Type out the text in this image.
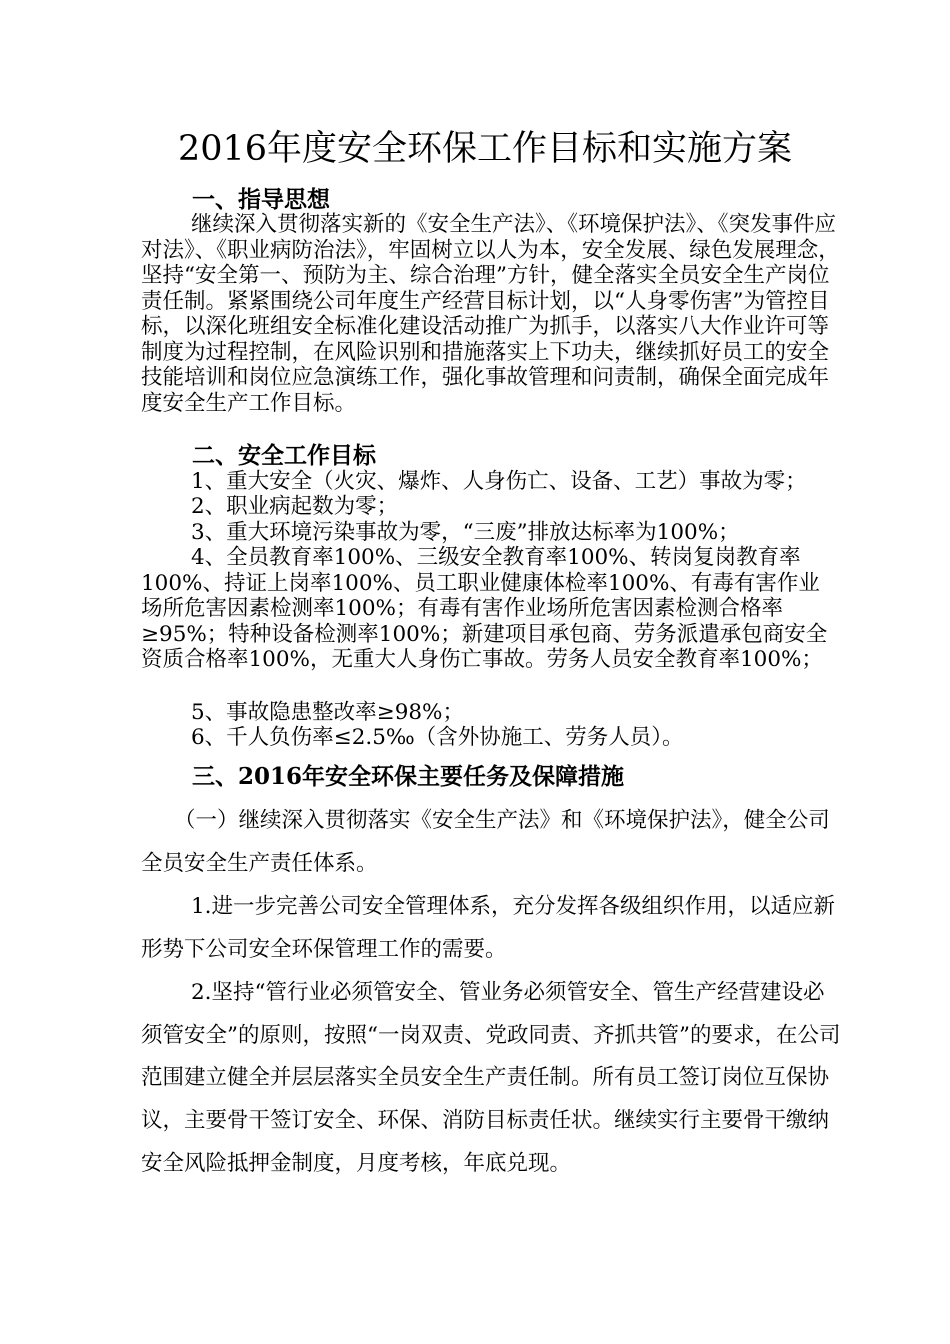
2016年度安全环保工作目标和实施方案
一、指导思想

继续深入贯彻落实新的《安全生产法》、《环境保护法》、《突发事件应对法》、《职业病防治法》，牢固树立以人为本，安全发展、绿色发展理念，坚持“安全第一、预防为主、综合治理”方针，健全落实全员安全生产岗位责任制。紧紧围绕公司年度生产经营目标计划，以“人身零伤害”为管控目标，以深化班组安全标准化建设活动推广为抓手，以落实八大作业许可等制度为过程控制，在风险识别和措施落实上下功夫，继续抓好员工的安全技能培训和岗位应急演练工作，强化事故管理和问责制，确保全面完成年度安全生产工作目标。

二、安全工作目标
1、重大安全（火灾、爆炸、人身伤亡、设备、工艺）事故为零；
2、职业病起数为零；
3、重大环境污染事故为零，“三废”排放达标率为100%；

4、全员教育率100%、三级安全教育率100%、转岗复岗教育率100%、持证上岗率100%、员工职业健康体检率100%、有毒有害作业场所危害因素检测率100%；有毒有害作业场所危害因素检测合格率≥95%；特种设备检测率100%；新建项目承包商、劳务派遣承包商安全资质合格率100%，无重大人身伤亡事故。劳务人员安全教育率100%；

5、事故隐患整改率≥98%；
6、千人负伤率≤2.5‰（含外协施工、劳务人员）。
三、2016年安全环保主要任务及保障措施

（一）继续深入贯彻落实《安全生产法》和《环境保护法》，健全公司全员安全生产责任体系。

1.进一步完善公司安全管理体系，充分发挥各级组织作用，以适应新形势下公司安全环保管理工作的需要。

2.坚持“管行业必须管安全、管业务必须管安全、管生产经营建设必须管安全”的原则，按照“一岗双责、党政同责、齐抓共管”的要求，在公司范围建立健全并层层落实全员安全生产责任制。所有员工签订岗位互保协议，主要骨干签订安全、环保、消防目标责任状。继续实行主要骨干缴纳安全风险抵押金制度，月度考核，年底兑现。
